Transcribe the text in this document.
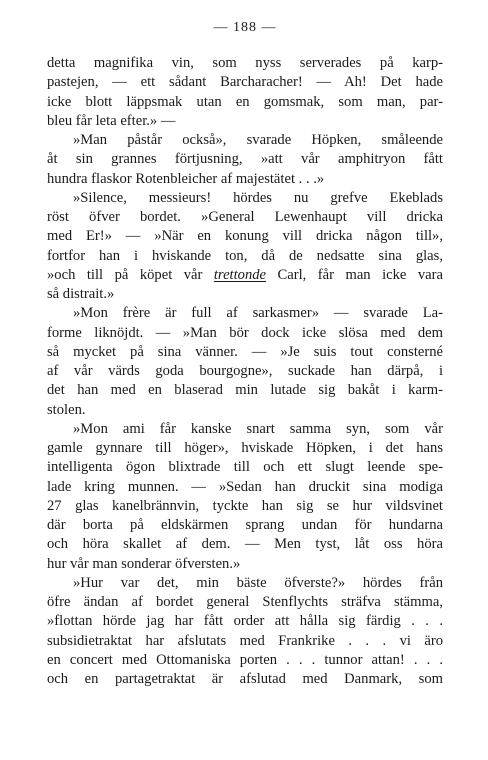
— 188 —
detta magnifika vin, som nyss serverades på karp-
pastejen, — ett sådant Barcharacher! — Ah! Det hade
icke blott läppsmak utan en gomsmak, som man, par-
bleu får leta efter.» —
»Man påstår också», svarade Höpken, småleende
åt sin grannes förtjusning, »att vår amphitryon fått
hundra flaskor Rotenbleicher af majestätet . . .»
»Silence, messieurs! hördes nu grefve Ekeblads
röst öfver bordet. »General Lewenhaupt vill dricka
med Er!» — »När en konung vill dricka någon till»,
fortfor han i hviskande ton, då de nedsatte sina glas,
»och till på köpet vår trettonde Carl, får man icke vara
så distrait.»
»Mon frère är full af sarkasmer» — svarade La-
forme liknöjdt. — »Man bör dock icke slösa med dem
så mycket på sina vänner. — »Je suis tout consterné
af vår värds goda bourgogne», suckade han därpå, i
det han med en blaserad min lutade sig bakåt i karm-
stolen.
»Mon ami får kanske snart samma syn, som vår
gamle gynnare till höger», hviskade Höpken, i det hans
intelligenta ögon blixtrade till och ett slugt leende spe-
lade kring munnen. — »Sedan han druckit sina modiga
27 glas kanelbrännvin, tyckte han sig se hur vildsvinet
där borta på eldskärmen sprang undan för hundarna
och höra skallet af dem. — Men tyst, låt oss höra
hur vår man sonderar öfversten.»
»Hur var det, min bäste öfverste?» hördes från
öfre ändan af bordet general Stenflychts sträfva stämma,
»flottan hörde jag har fått order att hålla sig färdig . . .
subsidietraktat har afslutats med Frankrike . . . vi äro
en concert med Ottomaniska porten . . . tunnor attan! . . .
och en partagetraktat är afslutad med Danmark, som
